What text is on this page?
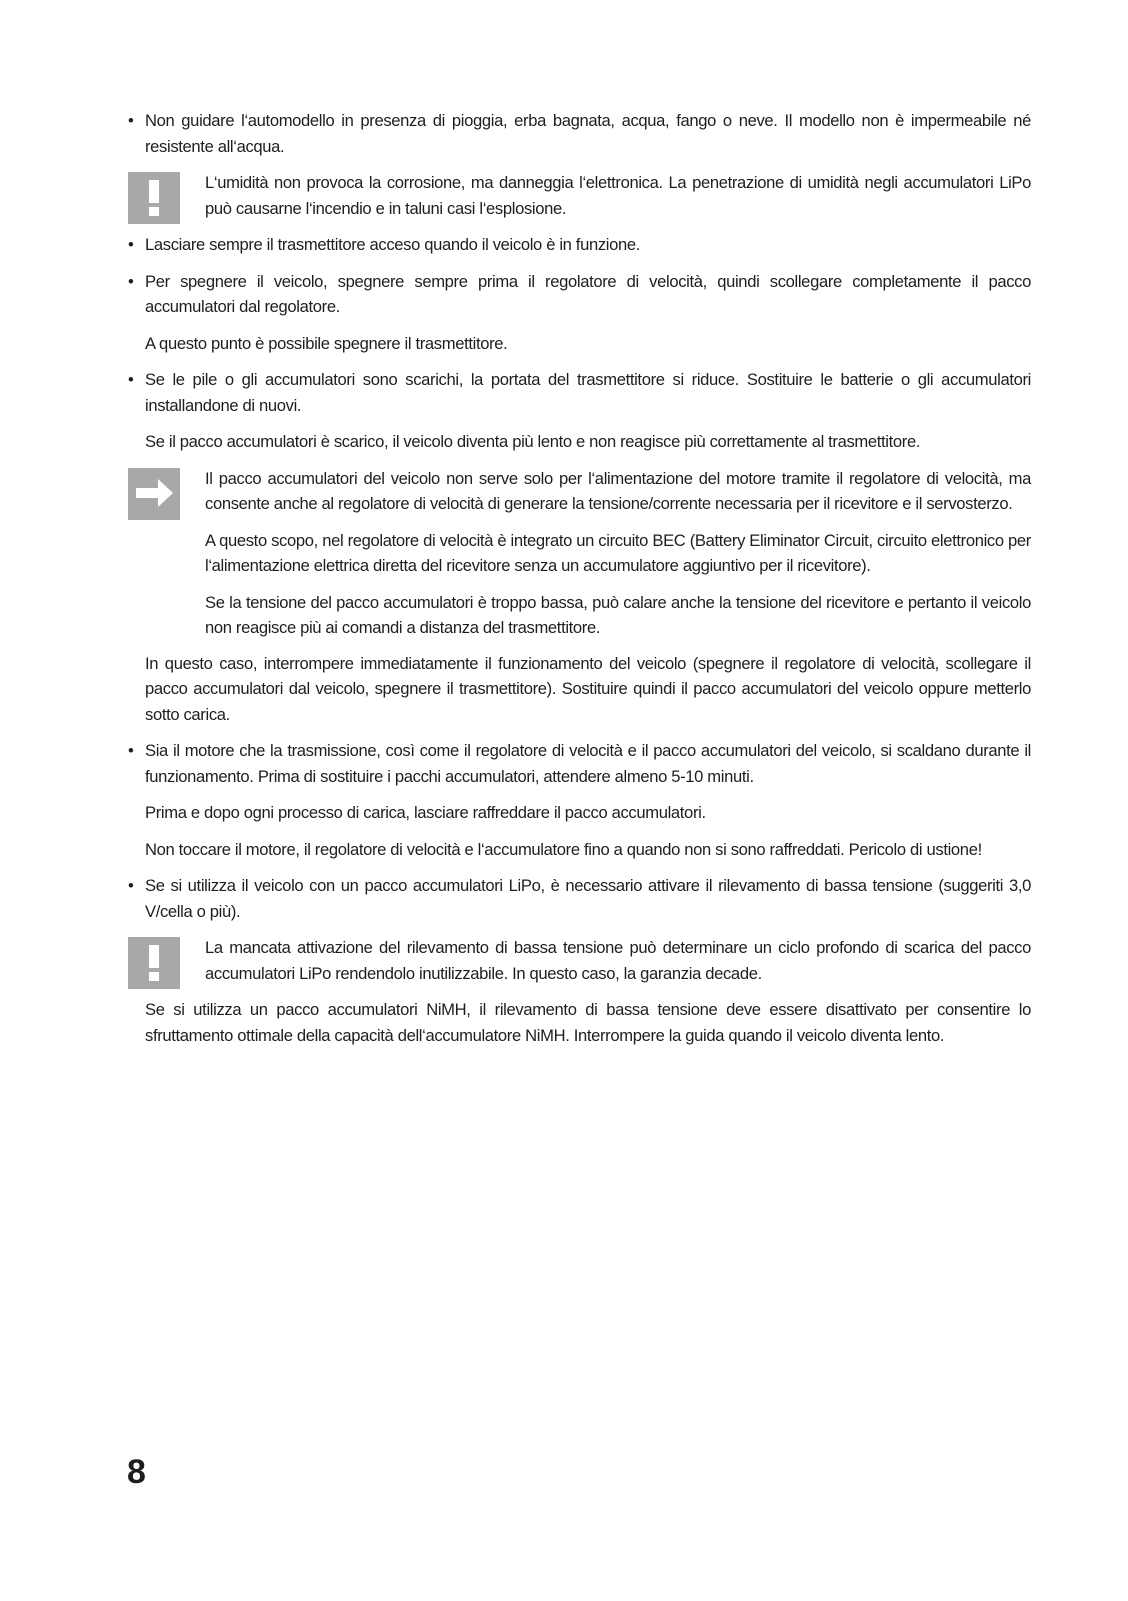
• Non guidare l‘automodello in presenza di pioggia, erba bagnata, acqua, fango o neve. Il modello non è impermeabile né resistente all‘acqua.

L‘umidità non provoca la corrosione, ma danneggia l‘elettronica. La penetrazione di umidità negli accumulatori LiPo può causarne l‘incendio e in taluni casi l‘esplosione.

• Lasciare sempre il trasmettitore acceso quando il veicolo è in funzione.
• Per spegnere il veicolo, spegnere sempre prima il regolatore di velocità, quindi scollegare completamente il pacco accumulatori dal regolatore.
A questo punto è possibile spegnere il trasmettitore.
• Se le pile o gli accumulatori sono scarichi, la portata del trasmettitore si riduce. Sostituire le batterie o gli accumulatori installandone di nuovi.
Se il pacco accumulatori è scarico, il veicolo diventa più lento e non reagisce più correttamente al trasmettitore.

Il pacco accumulatori del veicolo non serve solo per l‘alimentazione del motore tramite il regolatore di velocità, ma consente anche al regolatore di velocità di generare la tensione/corrente necessaria per il ricevitore e il servosterzo.

A questo scopo, nel regolatore di velocità è integrato un circuito BEC (Battery Eliminator Circuit, circuito elettronico per l‘alimentazione elettrica diretta del ricevitore senza un accumulatore aggiuntivo per il ricevitore).

Se la tensione del pacco accumulatori è troppo bassa, può calare anche la tensione del ricevitore e pertanto il veicolo non reagisce più ai comandi a distanza del trasmettitore.

In questo caso, interrompere immediatamente il funzionamento del veicolo (spegnere il regolatore di velocità, scollegare il pacco accumulatori dal veicolo, spegnere il trasmettitore). Sostituire quindi il pacco accumulatori del veicolo oppure metterlo sotto carica.
• Sia il motore che la trasmissione, così come il regolatore di velocità e il pacco accumulatori del veicolo, si scaldano durante il funzionamento. Prima di sostituire i pacchi accumulatori, attendere almeno 5-10 minuti.
Prima e dopo ogni processo di carica, lasciare raffreddare il pacco accumulatori.
Non toccare il motore, il regolatore di velocità e l‘accumulatore fino a quando non si sono raffreddati. Pericolo di ustione!
• Se si utilizza il veicolo con un pacco accumulatori LiPo, è necessario attivare il rilevamento di bassa tensione (suggeriti 3,0 V/cella o più).

La mancata attivazione del rilevamento di bassa tensione può determinare un ciclo profondo di scarica del pacco accumulatori LiPo rendendolo inutilizzabile. In questo caso, la garanzia decade.

Se si utilizza un pacco accumulatori NiMH, il rilevamento di bassa tensione deve essere disattivato per consentire lo sfruttamento ottimale della capacità dell‘accumulatore NiMH. Interrompere la guida quando il veicolo diventa lento.
8
